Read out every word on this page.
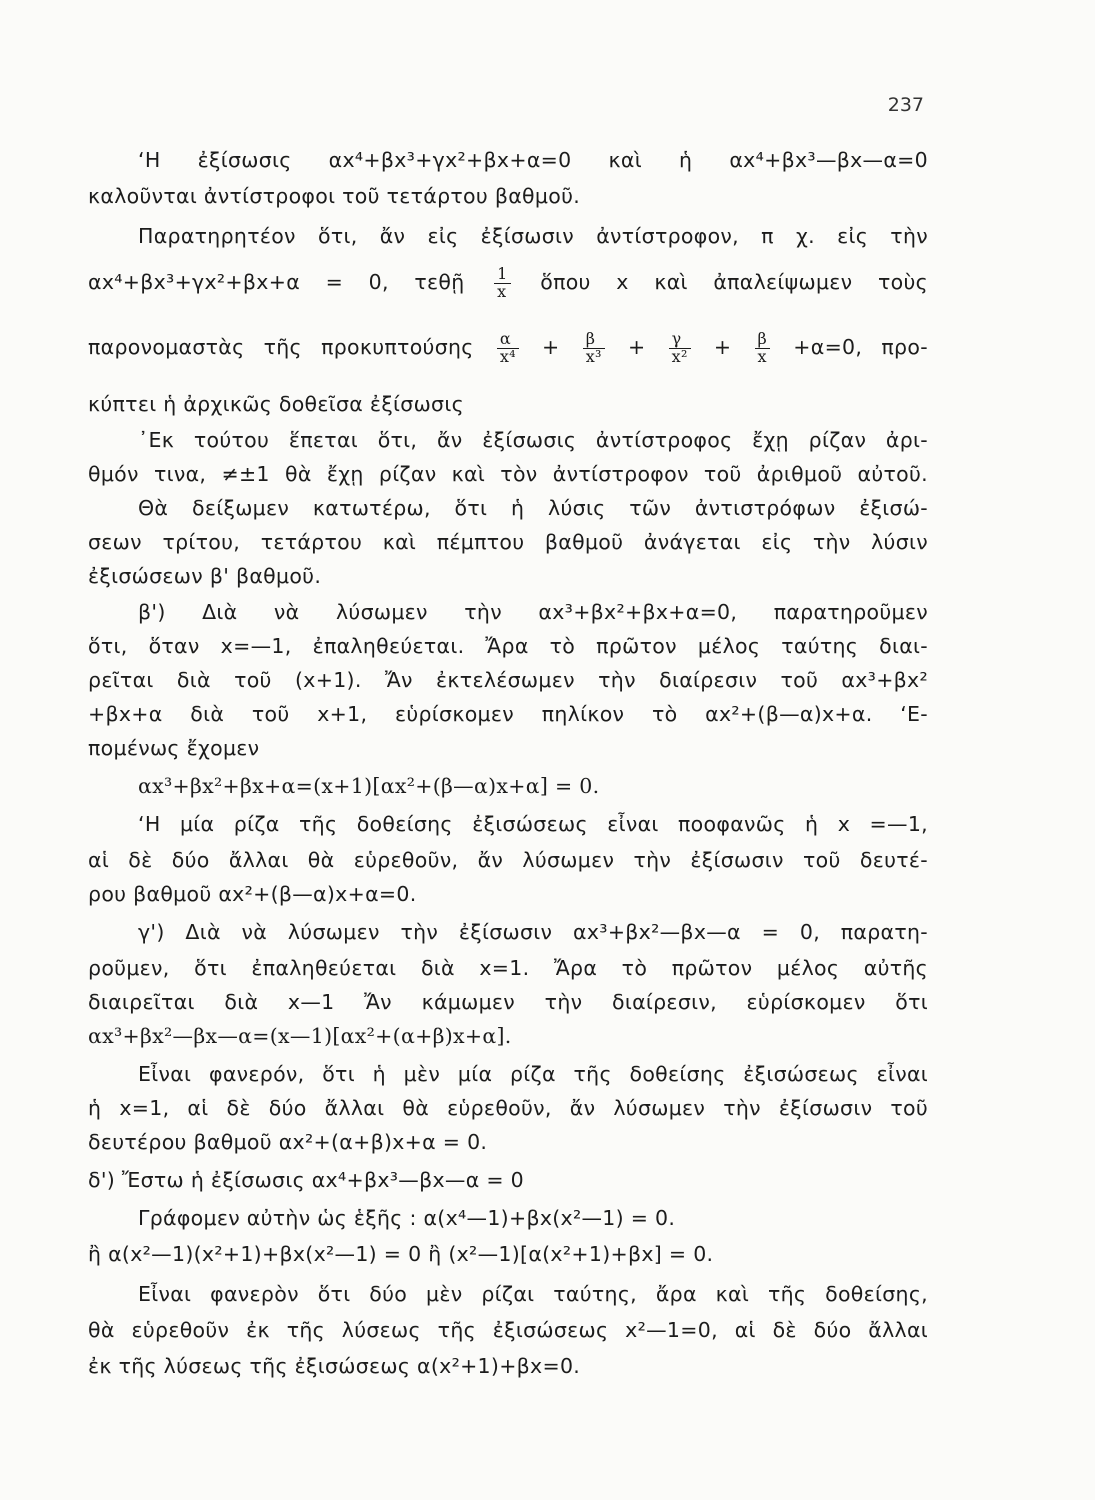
237
‘Η ἐξίσωσις αx⁴+βx³+γx²+βx+α=0 καὶ ἡ αx⁴+βx³—βx—α=0
καλοῦνται ἀντίστροφοι τοῦ τετάρτου βαθμοῦ.
Παρατηρητέον ὅτι, ἄν εἰς ἐξίσωσιν ἀντίστροφον, π χ. εἰς τὴν
αx⁴+βx³+γx²+βx+α = 0, τεθῇ $\frac{1}{x}$ ὅπου x καὶ ἀπαλείψωμεν τοὺς
παρονομαστὰς τῆς προκυπτούσης $\frac{\alpha}{\text{x⁴}} + \frac{\beta}{\text{x³}} + \frac{\gamma}{\text{x²}} + \frac{\beta}{x} +\alpha=0$, προ-
κύπτει ἡ ἀρχικῶς δοθεῖσα ἐξίσωσις
᾿Εκ τούτου ἕπεται ὅτι, ἄν ἐξίσωσις ἀντίστροφος ἔχῃ ρίζαν ἀρι-
θμόν τινα, ≠±1 θὰ ἔχῃ ρίζαν καὶ τὸν ἀντίστροφον τοῦ ἀριθμοῦ αὐτοῦ.
Θὰ δείξωμεν κατωτέρω, ὅτι ἡ λύσις τῶν ἀντιστρόφων ἐξισώ-
σεων τρίτου, τετάρτου καὶ πέμπτου βαθμοῦ ἀνάγεται εἰς τὴν λύσιν
ἐξισώσεων β' βαθμοῦ.
β') Διὰ νὰ λύσωμεν τὴν αx³+βx²+βx+α=0, παρατηροῦμεν
ὅτι, ὅταν x=—1, ἐπαληθεύεται. Ἄρα τὸ πρῶτον μέλος ταύτης διαι-
ρεῖται διὰ τοῦ (x+1). Ἄν ἐκτελέσωμεν τὴν διαίρεσιν τοῦ αx³+βx²
+βx+α διὰ τοῦ x+1, εὑρίσκομεν πηλίκον τὸ αx²+(β—α)x+α. ‘Ε-
πομένως ἔχομεν
αx³+βx²+βx+α=(x+1)[αx²+(β—α)x+α] = 0.
‘Η μία ρίζα τῆς δοθείσης ἐξισώσεως εἶναι ποοφανῶς ἡ x =—1,
αἱ δὲ δύο ἄλλαι θὰ εὑρεθοῦν, ἄν λύσωμεν τὴν ἐξίσωσιν τοῦ δευτέ-
ρου βαθμοῦ αx²+(β—α)x+α=0.
γ') Διὰ νὰ λύσωμεν τὴν ἐξίσωσιν αx³+βx²—βx—α = 0, παρατη-
ροῦμεν, ὅτι ἐπαληθεύεται διὰ x=1. Ἄρα τὸ πρῶτον μέλος αὐτῆς
διαιρεῖται διὰ x—1 Ἄν κάμωμεν τὴν διαίρεσιν, εὑρίσκομεν ὅτι
αx³+βx²—βx—α=(x—1)[αx²+(α+β)x+α].
Εἶναι φανερόν, ὅτι ἡ μὲν μία ρίζα τῆς δοθείσης ἐξισώσεως εἶναι
ἡ x=1, αἱ δὲ δύο ἄλλαι θὰ εὑρεθοῦν, ἄν λύσωμεν τὴν ἐξίσωσιν τοῦ
δευτέρου βαθμοῦ αx²+(α+β)x+α = 0.
δ') Ἔστω ἡ ἐξίσωσις αx⁴+βx³—βx—α = 0
Γράφομεν αὐτὴν ὡς ἑξῆς : α(x⁴—1)+βx(x²—1) = 0.
ἢ α(x²—1)(x²+1)+βx(x²—1) = 0 ἢ (x²—1)[α(x²+1)+βx] = 0.
Εἶναι φανερὸν ὅτι δύο μὲν ρίζαι ταύτης, ἄρα καὶ τῆς δοθείσης,
θὰ εὑρεθοῦν ἐκ τῆς λύσεως τῆς ἐξισώσεως x²—1=0, αἱ δὲ δύο ἄλλαι
ἐκ τῆς λύσεως τῆς ἐξισώσεως α(x²+1)+βx=0.
